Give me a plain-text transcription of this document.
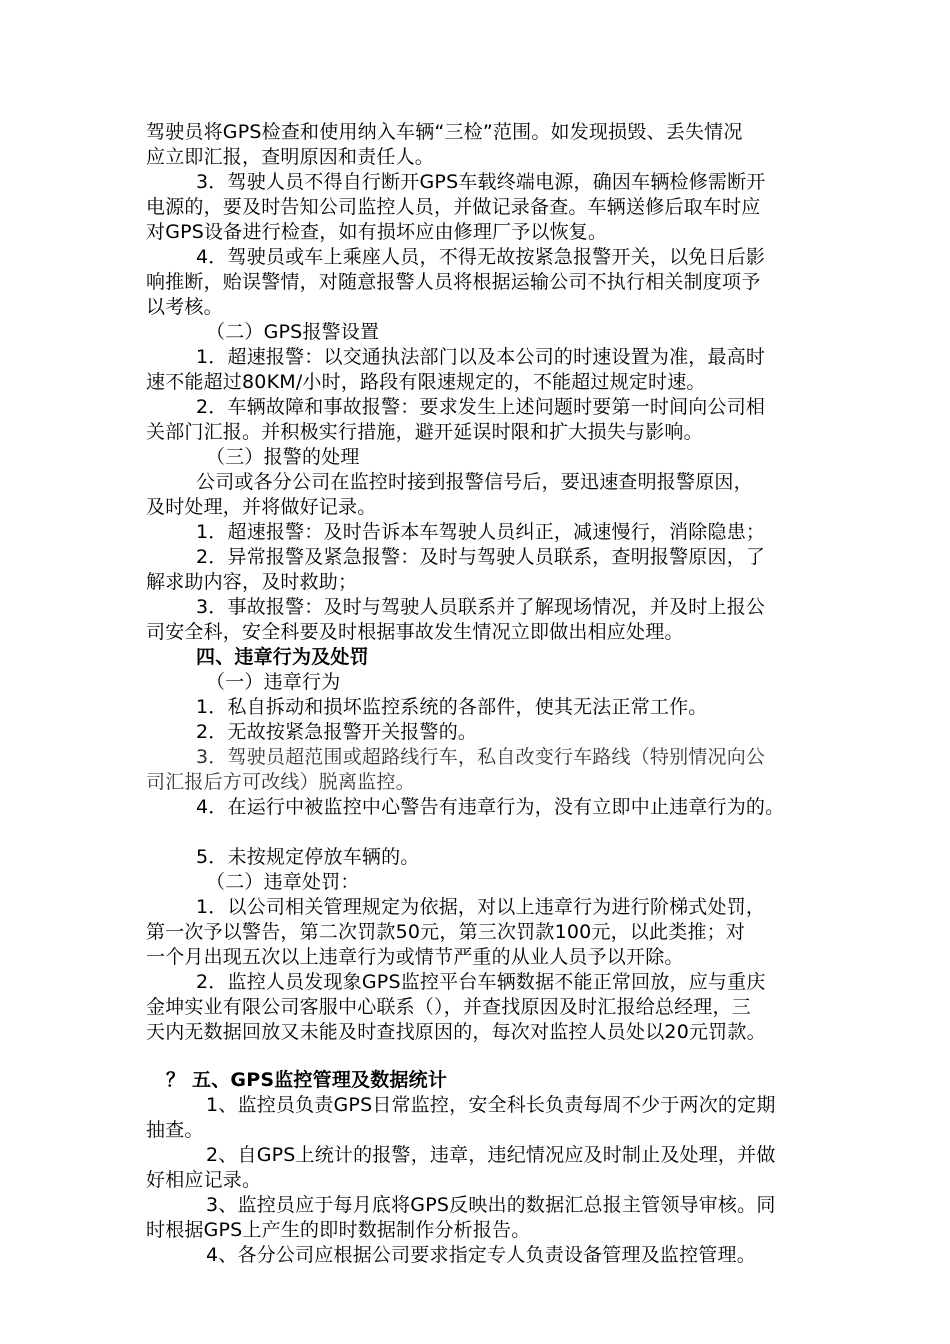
驾驶员将GPS检查和使用纳入车辆“三检”范围。如发现损毁、丢失情况
应立即汇报，查明原因和责任人。
3．驾驶人员不得自行断开GPS车载终端电源，确因车辆检修需断开
电源的，要及时告知公司监控人员，并做记录备查。车辆送修后取车时应
对GPS设备进行检查，如有损坏应由修理厂予以恢复。
4．驾驶员或车上乘座人员，不得无故按紧急报警开关，以免日后影
响推断，贻误警情，对随意报警人员将根据运输公司不执行相关制度项予
以考核。
（二）GPS报警设置
1．超速报警：以交通执法部门以及本公司的时速设置为准，最高时
速不能超过80KM/小时，路段有限速规定的，不能超过规定时速。
2．车辆故障和事故报警：要求发生上述问题时要第一时间向公司相
关部门汇报。并积极实行措施，避开延误时限和扩大损失与影响。
（三）报警的处理
公司或各分公司在监控时接到报警信号后，要迅速查明报警原因，
及时处理，并将做好记录。
1．超速报警：及时告诉本车驾驶人员纠正，减速慢行，消除隐患；
2．异常报警及紧急报警：及时与驾驶人员联系，查明报警原因，了
解求助内容，及时救助；
3．事故报警：及时与驾驶人员联系并了解现场情况，并及时上报公
司安全科，安全科要及时根据事故发生情况立即做出相应处理。
四、违章行为及处罚
（一）违章行为
1．私自拆动和损坏监控系统的各部件，使其无法正常工作。
2．无故按紧急报警开关报警的。
3．驾驶员超范围或超路线行车，私自改变行车路线（特别情况向公
司汇报后方可改线）脱离监控。
4．在运行中被监控中心警告有违章行为，没有立即中止违章行为的。
5．未按规定停放车辆的。
（二）违章处罚：
1．以公司相关管理规定为依据，对以上违章行为进行阶梯式处罚，
第一次予以警告，第二次罚款50元，第三次罚款100元，以此类推；对
一个月出现五次以上违章行为或情节严重的从业人员予以开除。
2．监控人员发现象GPS监控平台车辆数据不能正常回放，应与重庆
金坤实业有限公司客服中心联系（），并查找原因及时汇报给总经理，三
天内无数据回放又未能及时查找原因的，每次对监控人员处以20元罚款。
？ 五、GPS监控管理及数据统计
1、监控员负责GPS日常监控，安全科长负责每周不少于两次的定期
抽查。
2、自GPS上统计的报警，违章，违纪情况应及时制止及处理，并做
好相应记录。
3、监控员应于每月底将GPS反映出的数据汇总报主管领导审核。同
时根据GPS上产生的即时数据制作分析报告。
4、各分公司应根据公司要求指定专人负责设备管理及监控管理。
